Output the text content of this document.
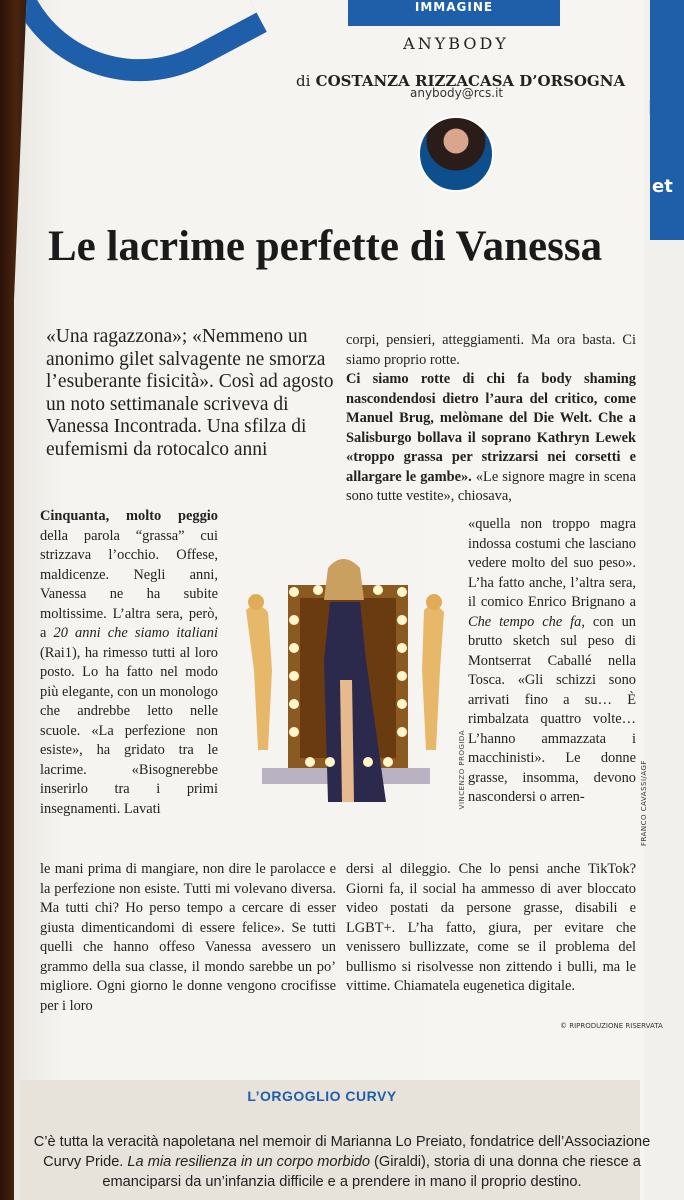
L
et
IMMAGINE
ANYBODY
di COSTANZA RIZZACASA D’ORSOGNA
anybody@rcs.it
Le lacrime perfette di Vanessa
«Una ragazzona»; «Nemmeno un anonimo gilet salvagente ne smorza l’esuberante fisicità». Così ad agosto un noto settimanale scriveva di Vanessa Incontrada. Una sfilza di eufemismi da rotocalco anni

Cinquanta, molto peggio della parola “grassa” cui strizzava l’occhio. Offese, maldicenze. Negli anni, Vanessa ne ha subite moltissime. L’altra sera, però, a 20 anni che siamo italiani (Rai1), ha rimesso tutti al loro posto. Lo ha fatto nel modo più elegante, con un monologo che andrebbe letto nelle scuole. «La perfezione non esiste», ha gridato tra le lacrime. «Bisognerebbe inserirlo tra i primi insegnamenti. Lavati

le mani prima di mangiare, non dire le parolacce e la perfezione non esiste. Tutti mi volevano diversa. Ma tutti chi? Ho perso tempo a cercare di esser giusta dimenticandomi di essere felice». Se tutti quelli che hanno offeso Vanessa avessero un grammo della sua classe, il mondo sarebbe un po’ migliore. Ogni giorno le donne vengono crocifisse per i loro

corpi, pensieri, atteggiamenti. Ma ora basta. Ci siamo proprio rotte.

Ci siamo rotte di chi fa body shaming nascondendosi dietro l’aura del critico, come Manuel Brug, melòmane del Die Welt. Che a Salisburgo bollava il soprano Kathryn Lewek «troppo grassa per strizzarsi nei corsetti e allargare le gambe». «Le signore magre in scena sono tutte vestite», chiosava,

«quella non troppo magra indossa costumi che lasciano vedere molto del suo peso». L’ha fatto anche, l’altra sera, il comico Enrico Brignano a Che tempo che fa, con un brutto sketch sul peso di Montserrat Caballé nella Tosca. «Gli schizzi sono arrivati fino a su… È rimbalzata quattro volte… L’hanno ammazzata i macchinisti». Le donne grasse, insomma, devono nascondersi o arren-

dersi al dileggio. Che lo pensi anche TikTok? Giorni fa, il social ha ammesso di aver bloccato video postati da persone grasse, disabili e LGBT+. L’ha fatto, giura, per evitare che venissero bullizzate, come se il problema del bullismo si risolvesse non zittendo i bulli, ma le vittime. Chiamatela eugenetica digitale.

VINCENZO PROGIDA	FRANCO CAVASSI/AGF
© RIPRODUZIONE RISERVATA
L’ORGOGLIO CURVY
C’è tutta la veracità napoletana nel memoir di Marianna Lo Preiato, fondatrice dell’Associazione Curvy Pride. La mia resilienza in un corpo morbido (Giraldi), storia di una donna che riesce a emanciparsi da un’infanzia difficile e a prendere in mano il proprio destino.
